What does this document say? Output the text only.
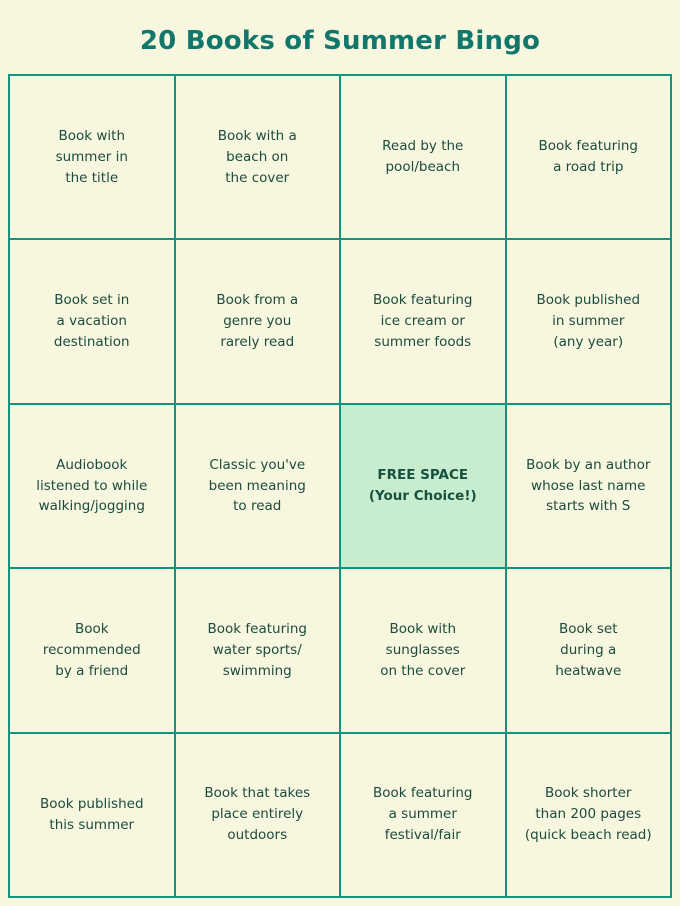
20 Books of Summer Bingo
Book with
summer in
the title
Book with a
beach on
the cover
Read by the
pool/beach
Book featuring
a road trip
Book set in
a vacation
destination
Book from a
genre you
rarely read
Book featuring
ice cream or
summer foods
Book published
in summer
(any year)
Audiobook
listened to while
walking/jogging
Classic you've
been meaning
to read
FREE SPACE
(Your Choice!)
Book by an author
whose last name
starts with S
Book
recommended
by a friend
Book featuring
water sports/
swimming
Book with
sunglasses
on the cover
Book set
during a
heatwave
Book published
this summer
Book that takes
place entirely
outdoors
Book featuring
a summer
festival/fair
Book shorter
than 200 pages
(quick beach read)
